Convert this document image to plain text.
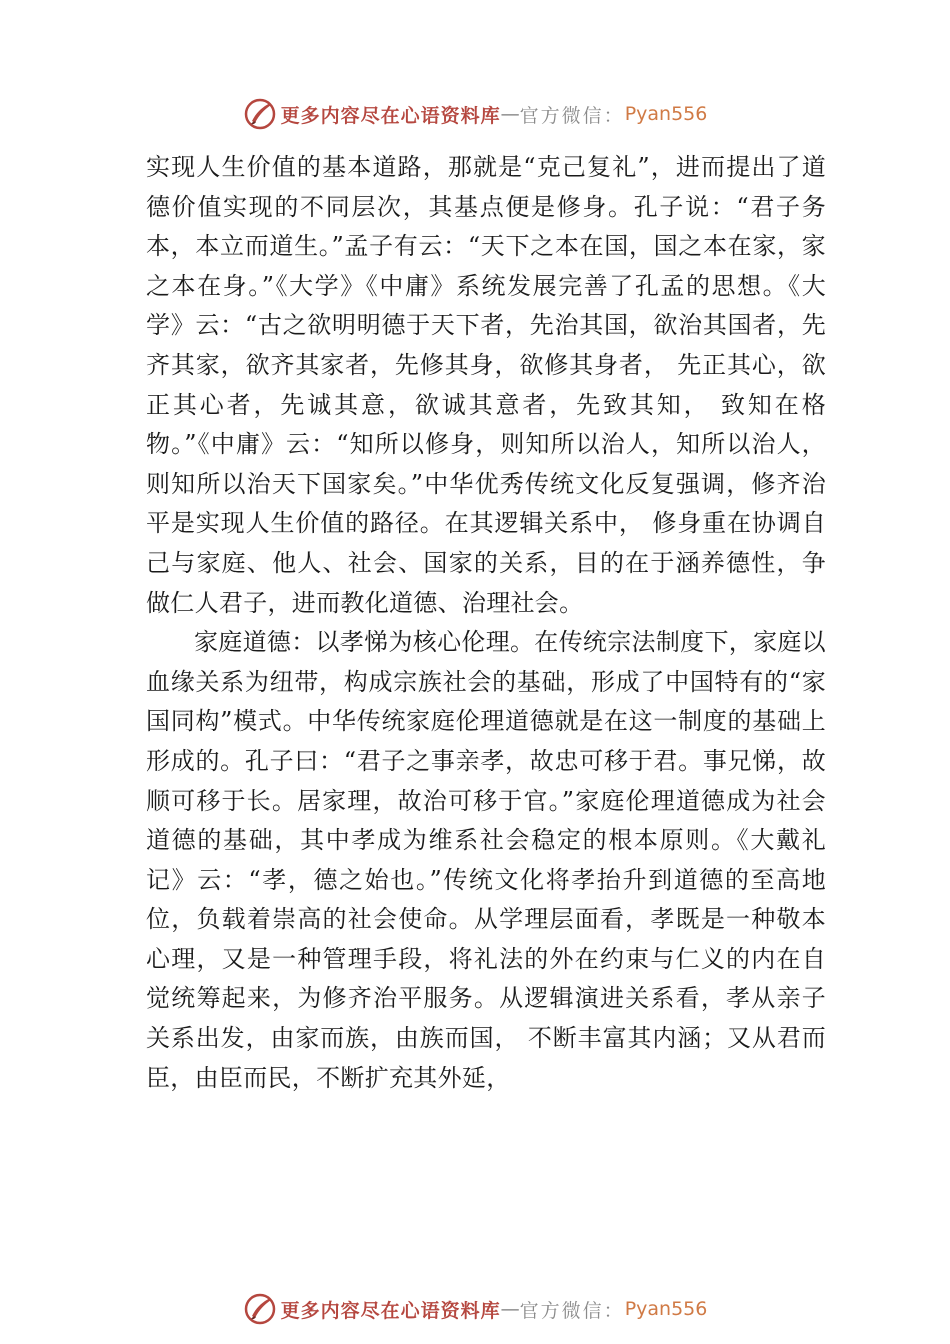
更多内容尽在心语资料库 — 官方微信： Pyan556

实现人生价值的基本道路，那就是“克己复礼”，进而提出了道德价值实现的不同层次，其基点便是修身。孔子说：“君子务本，本立而道生。”孟子有云：“天下之本在国，国之本在家，家之本在身。”《大学》《中庸》系统发展完善了孔孟的思想。《大学》云：“古之欲明明德于天下者，先治其国，欲治其国者，先齐其家，欲齐其家者，先修其身，欲修其身者， 先正其心，欲正其心者，先诚其意，欲诚其意者，先致其知， 致知在格物。”《中庸》云：“知所以修身，则知所以治人，知所以治人，则知所以治天下国家矣。”中华优秀传统文化反复强调，修齐治平是实现人生价值的路径。在其逻辑关系中， 修身重在协调自己与家庭、他人、社会、国家的关系，目的在于涵养德性，争做仁人君子，进而教化道德、治理社会。

家庭道德：以孝悌为核心伦理。在传统宗法制度下，家庭以血缘关系为纽带，构成宗族社会的基础，形成了中国特有的“家国同构”模式。中华传统家庭伦理道德就是在这一制度的基础上形成的。孔子曰：“君子之事亲孝，故忠可移于君。事兄悌，故顺可移于长。居家理，故治可移于官。”家庭伦理道德成为社会道德的基础，其中孝成为维系社会稳定的根本原则。《大戴礼记》云：“孝，德之始也。”传统文化将孝抬升到道德的至高地位，负载着崇高的社会使命。从学理层面看，孝既是一种敬本心理，又是一种管理手段，将礼法的外在约束与仁义的内在自觉统筹起来，为修齐治平服务。从逻辑演进关系看，孝从亲子关系出发，由家而族，由族而国， 不断丰富其内涵；又从君而臣，由臣而民，不断扩充其外延，

更多内容尽在心语资料库 — 官方微信： Pyan556
